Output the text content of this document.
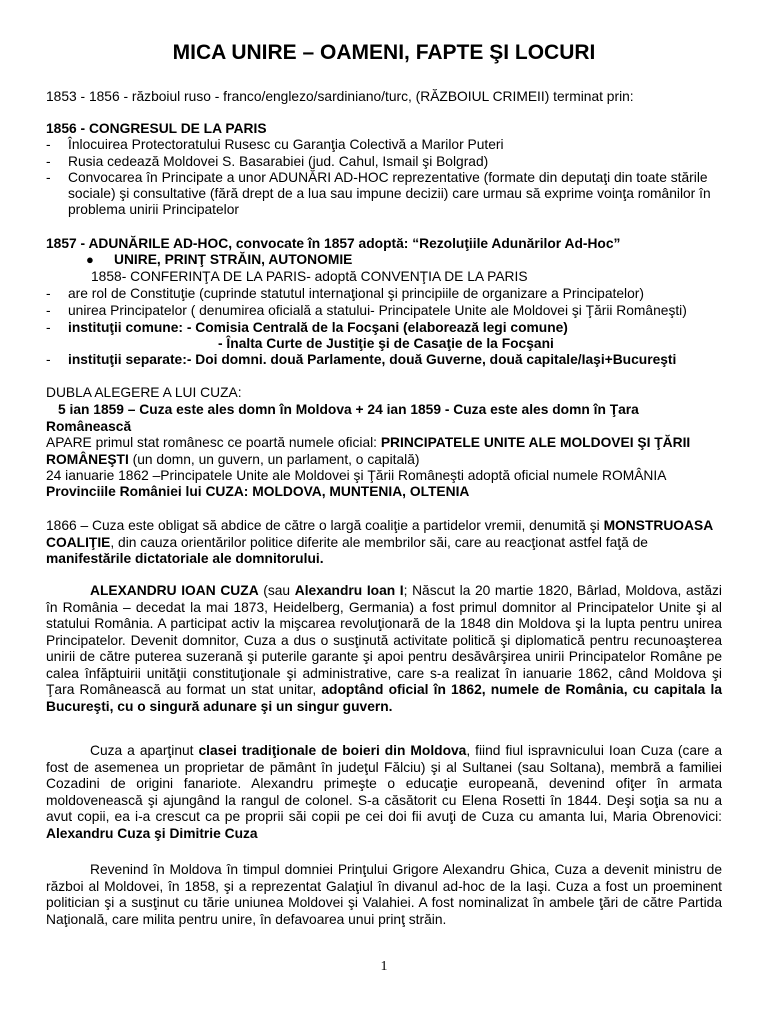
MICA UNIRE – OAMENI, FAPTE ŞI LOCURI
1853 - 1856 - războiul ruso - franco/englezo/sardiniano/turc, (RĂZBOIUL CRIMEII) terminat prin:
1856 - CONGRESUL DE LA PARIS
- Înlocuirea Protectoratului Rusesc cu Garanţia Colectivă a Marilor Puteri
- Rusia cedează Moldovei S. Basarabiei (jud. Cahul, Ismail şi Bolgrad)
- Convocarea în Principate a unor ADUNĂRI AD-HOC reprezentative (formate din deputaţi din toate stările
sociale) şi consultative (fără drept de a lua sau impune decizii) care urmau să exprime voinţa românilor în
problema unirii Principatelor
1857 - ADUNĂRILE AD-HOC, convocate în 1857 adoptă: “Rezoluţiile Adunărilor Ad-Hoc”
● UNIRE, PRINŢ STRĂIN, AUTONOMIE
1858- CONFERINŢA DE LA PARIS- adoptă CONVENŢIA DE LA PARIS
- are rol de Constituţie (cuprinde statutul internaţional şi principiile de organizare a Principatelor)
- unirea Principatelor ( denumirea oficială a statului- Principatele Unite ale Moldovei şi Ţării Româneşti)
- instituţii comune: - Comisia Centrală de la Focşani (elaborează legi comune)
- Înalta Curte de Justiţie şi de Casaţie de la Focşani
- instituţii separate:- Doi domni. două Parlamente, două Guverne, două capitale/Iaşi+Bucureşti
DUBLA ALEGERE A LUI CUZA:
5 ian 1859 – Cuza este ales domn în Moldova + 24 ian 1859 - Cuza este ales domn în Ţara
Românească
APARE primul stat românesc ce poartă numele oficial: PRINCIPATELE UNITE ALE MOLDOVEI ŞI ŢĂRII
ROMÂNEŞTI (un domn, un guvern, un parlament, o capitală)
24 ianuarie 1862 –Principatele Unite ale Moldovei şi Ţării Româneşti adoptă oficial numele ROMÂNIA
Provinciile României lui CUZA: MOLDOVA, MUNTENIA, OLTENIA
1866 – Cuza este obligat să abdice de către o largă coaliţie a partidelor vremii, denumită şi MONSTRUOASA
COALIŢIE, din cauza orientărilor politice diferite ale membrilor săi, care au reacţionat astfel faţă de
manifestările dictatoriale ale domnitorului.
ALEXANDRU IOAN CUZA (sau Alexandru Ioan I; Născut la 20 martie 1820, Bârlad, Moldova, astăzi în România – decedat la mai 1873, Heidelberg, Germania) a fost primul domnitor al Principatelor Unite şi al statului România. A participat activ la mişcarea revoluţionară de la 1848 din Moldova şi la lupta pentru unirea Principatelor. Devenit domnitor, Cuza a dus o susţinută activitate politică şi diplomatică pentru recunoaşterea unirii de către puterea suzerană şi puterile garante şi apoi pentru desăvârşirea unirii Principatelor Române pe calea înfăptuirii unităţii constituţionale şi administrative, care s-a realizat în ianuarie 1862, când Moldova şi Ţara Românească au format un stat unitar, adoptând oficial în 1862, numele de România, cu capitala la Bucureşti, cu o singură adunare şi un singur guvern.
Cuza a aparţinut clasei tradiţionale de boieri din Moldova, fiind fiul ispravnicului Ioan Cuza (care a fost de asemenea un proprietar de pământ în judeţul Fălciu) şi al Sultanei (sau Soltana), membră a familiei Cozadini de origini fanariote. Alexandru primeşte o educaţie europeană, devenind ofiţer în armata moldovenească şi ajungând la rangul de colonel. S-a căsătorit cu Elena Rosetti în 1844. Deşi soţia sa nu a avut copii, ea i-a crescut ca pe proprii săi copii pe cei doi fii avuţi de Cuza cu amanta lui, Maria Obrenovici: Alexandru Cuza şi Dimitrie Cuza
Revenind în Moldova în timpul domniei Prinţului Grigore Alexandru Ghica, Cuza a devenit ministru de război al Moldovei, în 1858, şi a reprezentat Galaţiul în divanul ad-hoc de la Iaşi. Cuza a fost un proeminent politician şi a susţinut cu tărie uniunea Moldovei şi Valahiei. A fost nominalizat în ambele ţări de către Partida Naţională, care milita pentru unire, în defavoarea unui prinţ străin.
1
